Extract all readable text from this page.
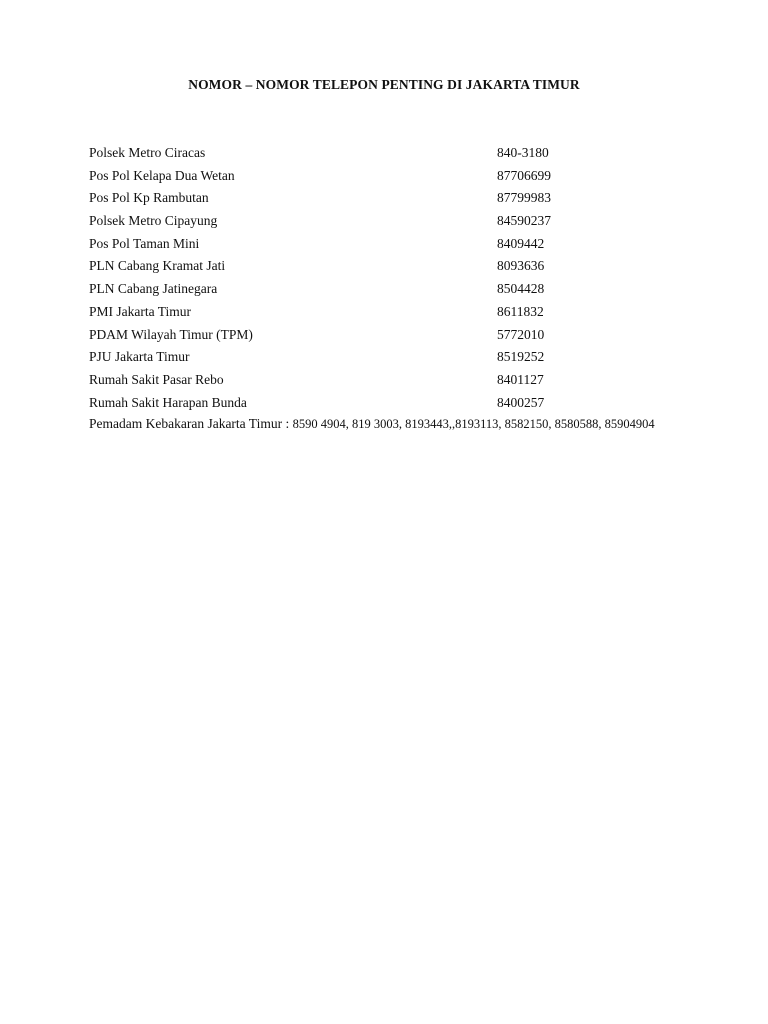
NOMOR – NOMOR TELEPON PENTING DI JAKARTA TIMUR
Polsek Metro Ciracas	840-3180
Pos Pol Kelapa Dua Wetan	87706699
Pos Pol Kp Rambutan	87799983
Polsek Metro Cipayung	84590237
Pos Pol Taman Mini	8409442
PLN Cabang Kramat Jati	8093636
PLN Cabang Jatinegara	8504428
PMI Jakarta Timur	8611832
PDAM Wilayah Timur (TPM)	5772010
PJU Jakarta Timur	8519252
Rumah Sakit Pasar Rebo	8401127
Rumah Sakit Harapan Bunda	8400257
Pemadam Kebakaran Jakarta Timur : 8590 4904, 819 3003, 8193443,,8193113, 8582150, 8580588, 85904904
